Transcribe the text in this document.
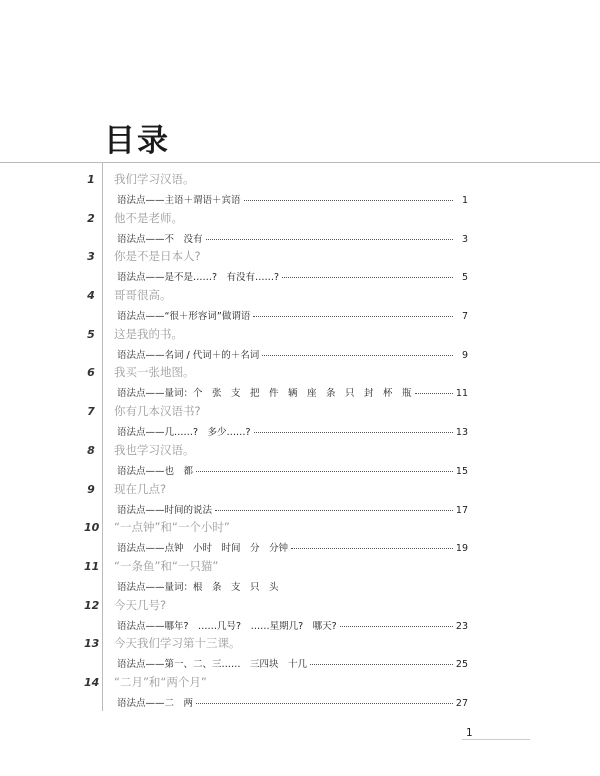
目录
1 我们学习汉语。
语法点——主语＋谓语＋宾语	1
2 他不是老师。
语法点——不　没有	3
3 你是不是日本人?
语法点——是不是……?　有没有……?	5
4 哥哥很高。
语法点——“很＋形容词”做谓语	7
5 这是我的书。
语法点——名词 / 代词＋的＋名词	9
6 我买一张地图。
语法点——量词：个　张　支　把　件　辆　座　条　只　封　杯　瓶	11
7 你有几本汉语书?
语法点——几……?　多少……?	13
8 我也学习汉语。
语法点——也　都	15
9 现在几点?
语法点——时间的说法	17
10 “一点钟”和“一个小时”
语法点——点钟　小时　时间　分　分钟	19
11 “一条鱼”和“一只猫”
语法点——量词：根　条　支　只　头
12 今天几号?
语法点——哪年?　……几号?　……星期几?　哪天?	23
13 今天我们学习第十三课。
语法点——第一、二、三……　三四块　十几	25
14 “二月”和“两个月”
语法点——二　两	27
1
